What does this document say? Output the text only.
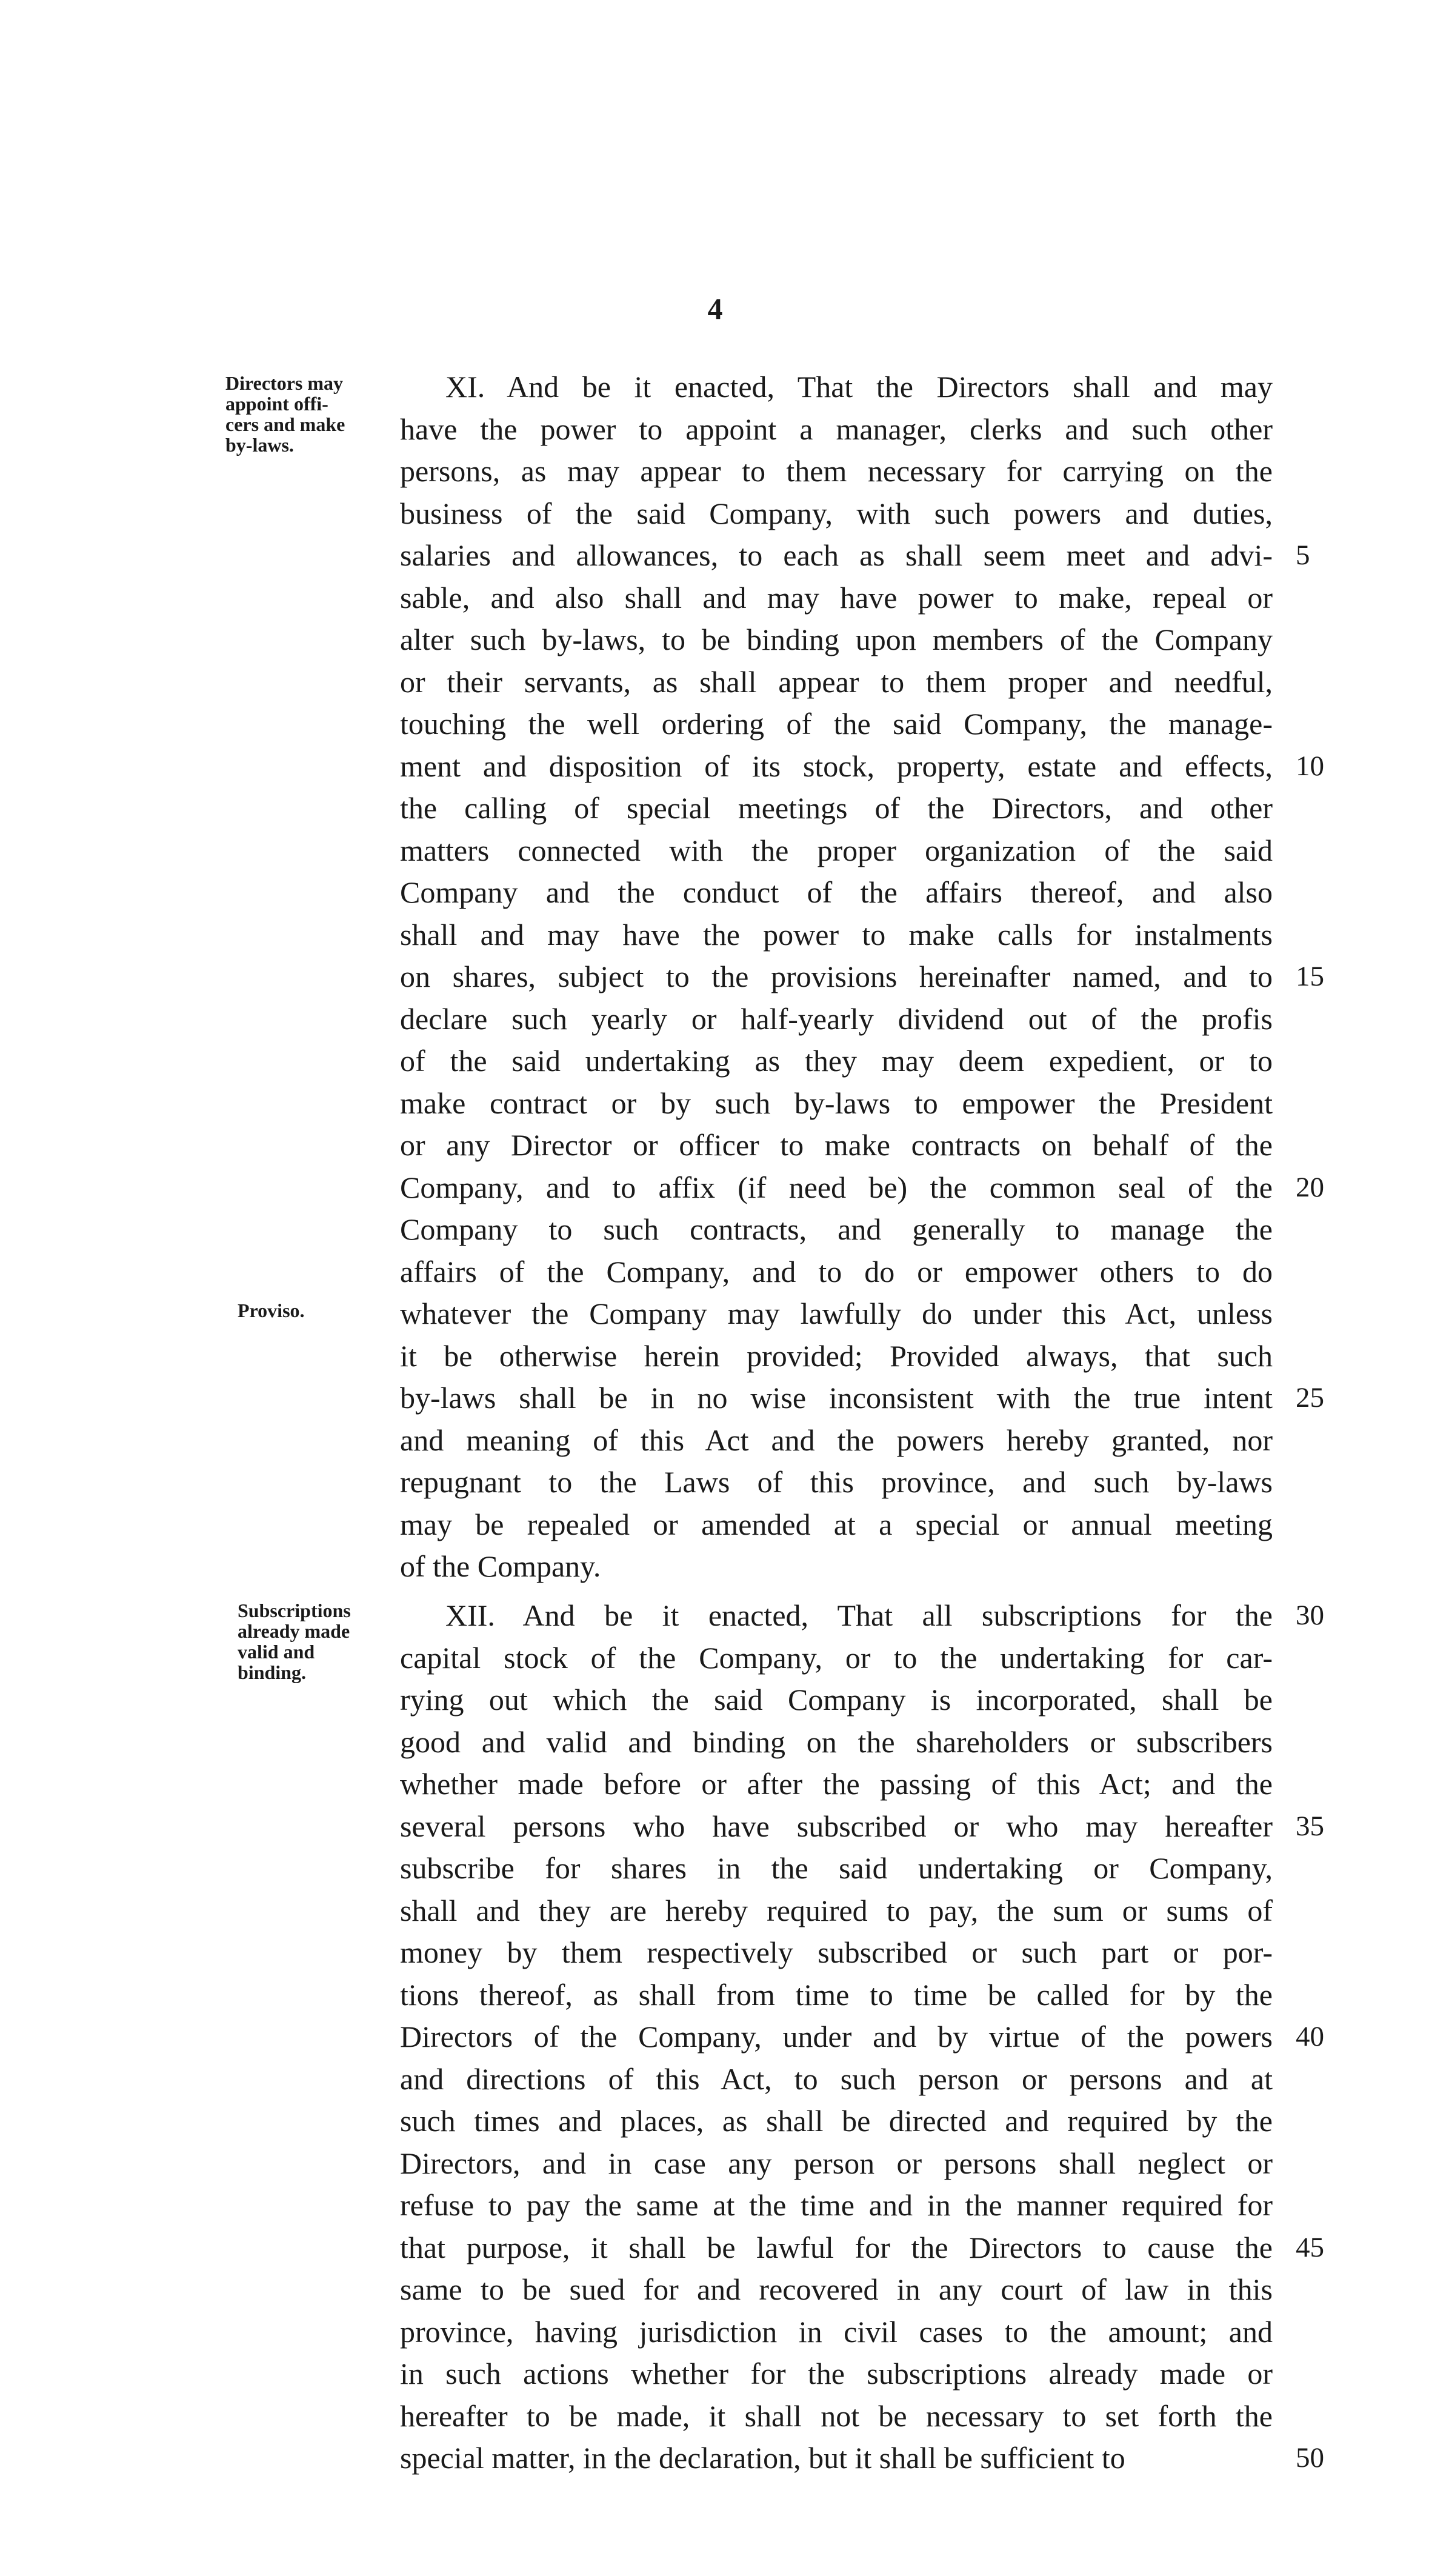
4
Directors may
appoint offi-
cers and make
by-laws.
Proviso.
XI. And be it enacted, That the Directors shall and may
have the power to appoint a manager, clerks and such other
persons, as may appear to them necessary for carrying on the
business of the said Company, with such powers and duties,
salaries and allowances, to each as shall seem meet and advi- 5
sable, and also shall and may have power to make, repeal or
alter such by-laws, to be binding upon members of the Company
or their servants, as shall appear to them proper and needful,
touching the well ordering of the said Company, the manage-
ment and disposition of its stock, property, estate and effects, 10
the calling of special meetings of the Directors, and other
matters connected with the proper organization of the said
Company and the conduct of the affairs thereof, and also
shall and may have the power to make calls for instalments
on shares, subject to the provisions hereinafter named, and to 15
declare such yearly or half-yearly dividend out of the profis
of the said undertaking as they may deem expedient, or to
make contract or by such by-laws to empower the President
or any Director or officer to make contracts on behalf of the
Company, and to affix (if need be) the common seal of the 20
Company to such contracts, and generally to manage the
affairs of the Company, and to do or empower others to do
whatever the Company may lawfully do under this Act, unless
it be otherwise herein provided; Provided always, that such
by-laws shall be in no wise inconsistent with the true intent 25
and meaning of this Act and the powers hereby granted, nor
repugnant to the Laws of this province, and such by-laws
may be repealed or amended at a special or annual meeting
of the Company.
Subscriptions
already made
valid and
binding.
XII. And be it enacted, That all subscriptions for the 30
capital stock of the Company, or to the undertaking for car-
rying out which the said Company is incorporated, shall be
good and valid and binding on the shareholders or subscribers
whether made before or after the passing of this Act; and the
several persons who have subscribed or who may hereafter 35
subscribe for shares in the said undertaking or Company,
shall and they are hereby required to pay, the sum or sums of
money by them respectively subscribed or such part or por-
tions thereof, as shall from time to time be called for by the
Directors of the Company, under and by virtue of the powers 40
and directions of this Act, to such person or persons and at
such times and places, as shall be directed and required by the
Directors, and in case any person or persons shall neglect or
refuse to pay the same at the time and in the manner required for
that purpose, it shall be lawful for the Directors to cause the 45
same to be sued for and recovered in any court of law in this
province, having jurisdiction in civil cases to the amount; and
in such actions whether for the subscriptions already made or
hereafter to be made, it shall not be necessary to set forth the
special matter, in the declaration, but it shall be sufficient to	50
